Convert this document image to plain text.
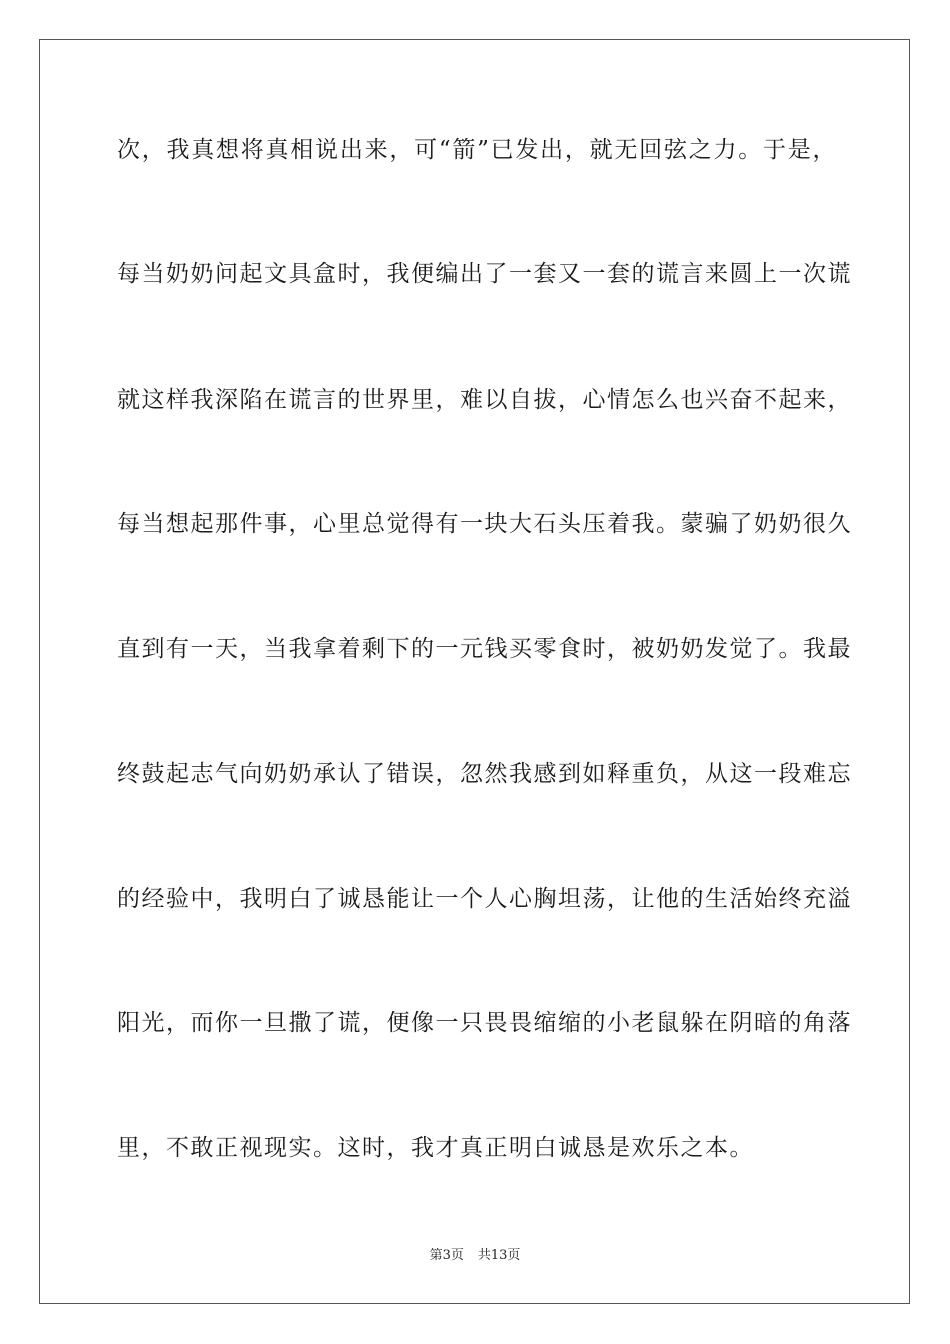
次，我真想将真相说出来，可“箭”已发出，就无回弦之力。于是，
每当奶奶问起文具盒时，我便编出了一套又一套的谎言来圆上一次谎
就这样我深陷在谎言的世界里，难以自拔，心情怎么也兴奋不起来，
每当想起那件事，心里总觉得有一块大石头压着我。蒙骗了奶奶很久
直到有一天，当我拿着剩下的一元钱买零食时，被奶奶发觉了。我最
终鼓起志气向奶奶承认了错误，忽然我感到如释重负，从这一段难忘
的经验中，我明白了诚恳能让一个人心胸坦荡，让他的生活始终充溢
阳光，而你一旦撒了谎，便像一只畏畏缩缩的小老鼠躲在阴暗的角落
里，不敢正视现实。这时，我才真正明白诚恳是欢乐之本。
第3页 共13页
